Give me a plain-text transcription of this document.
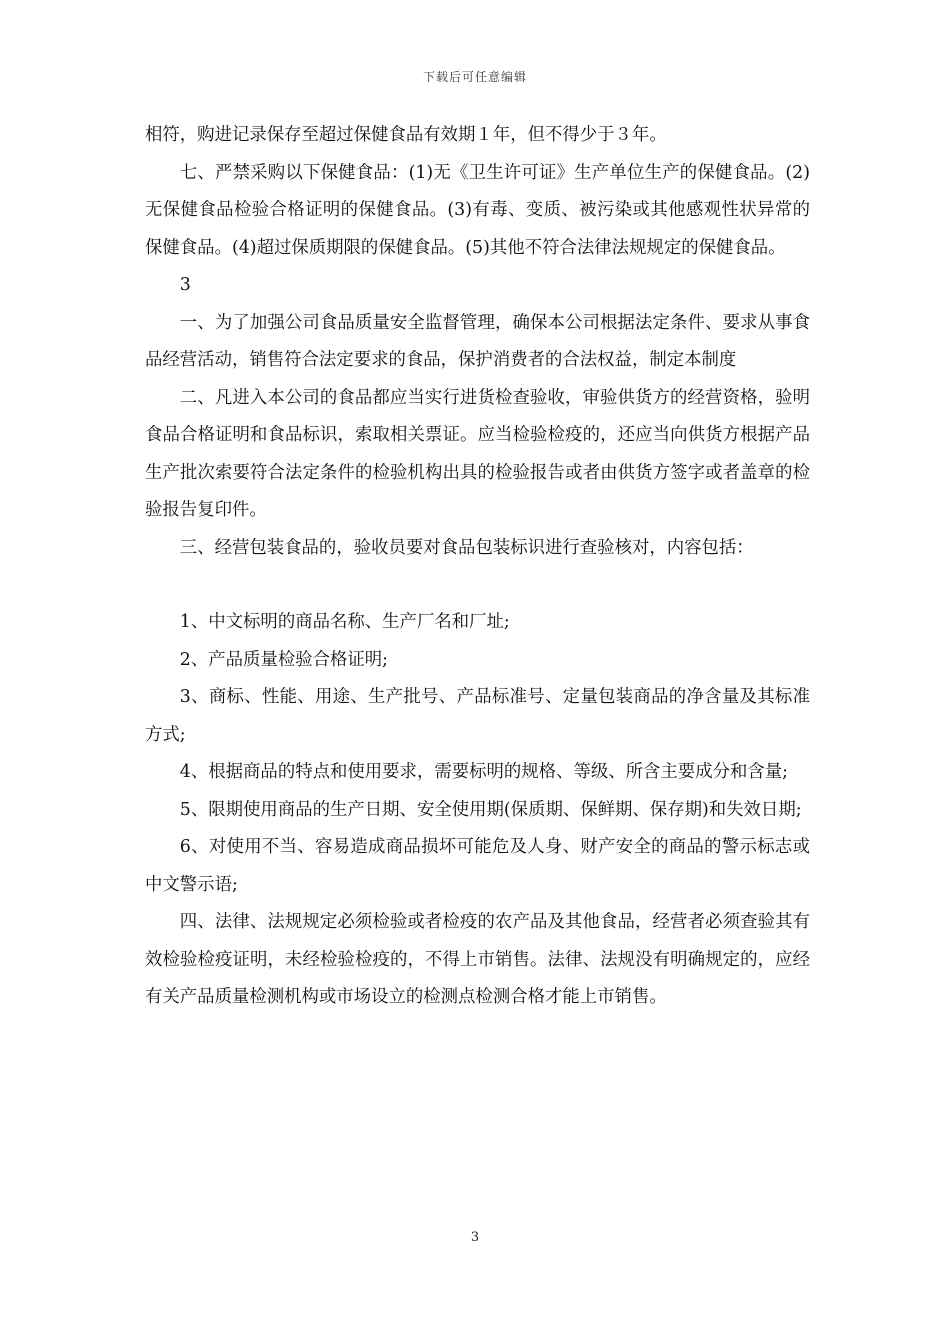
下载后可任意编辑

相符，购进记录保存至超过保健食品有效期１年，但不得少于３年。

七、严禁采购以下保健食品：(1)无《卫生许可证》生产单位生产的保健食品。(2)无保健食品检验合格证明的保健食品。(3)有毒、变质、被污染或其他感观性状异常的保健食品。(4)超过保质期限的保健食品。(5)其他不符合法律法规规定的保健食品。

3

一、为了加强公司食品质量安全监督管理，确保本公司根据法定条件、要求从事食品经营活动，销售符合法定要求的食品，保护消费者的合法权益，制定本制度

二、凡进入本公司的食品都应当实行进货检查验收，审验供货方的经营资格，验明食品合格证明和食品标识，索取相关票证。应当检验检疫的，还应当向供货方根据产品生产批次索要符合法定条件的检验机构出具的检验报告或者由供货方签字或者盖章的检验报告复印件。

三、经营包装食品的，验收员要对食品包装标识进行查验核对，内容包括：

1、中文标明的商品名称、生产厂名和厂址;

2、产品质量检验合格证明;

3、商标、性能、用途、生产批号、产品标准号、定量包装商品的净含量及其标准方式;

4、根据商品的特点和使用要求，需要标明的规格、等级、所含主要成分和含量;

5、限期使用商品的生产日期、安全使用期(保质期、保鲜期、保存期)和失效日期;

6、对使用不当、容易造成商品损坏可能危及人身、财产安全的商品的警示标志或中文警示语;

四、法律、法规规定必须检验或者检疫的农产品及其他食品，经营者必须查验其有效检验检疫证明，未经检验检疫的，不得上市销售。法律、法规没有明确规定的，应经有关产品质量检测机构或市场设立的检测点检测合格才能上市销售。

3
